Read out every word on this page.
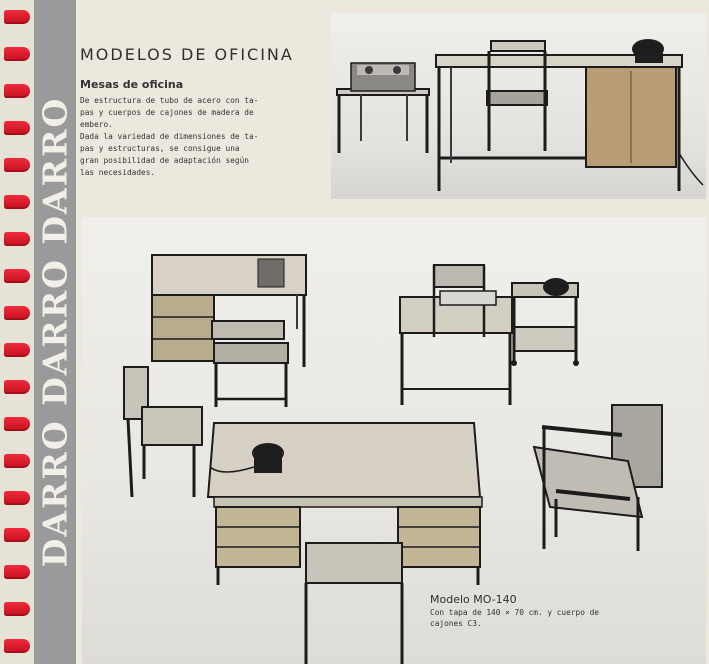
DARRO DARRO DARRO
MODELOS DE OFICINA
Mesas de oficina

De estructura de tubo de acero con ta-

pas y cuerpos de cajones de madera de

embero.

Dada la variedad de dimensiones de ta-

pas y estructuras, se consigue una

gran posibilidad de adaptación según

las necesidades.

Modelo MO-140
Con tapa de 140 × 70 cm. y cuerpo de
cajones C3.
